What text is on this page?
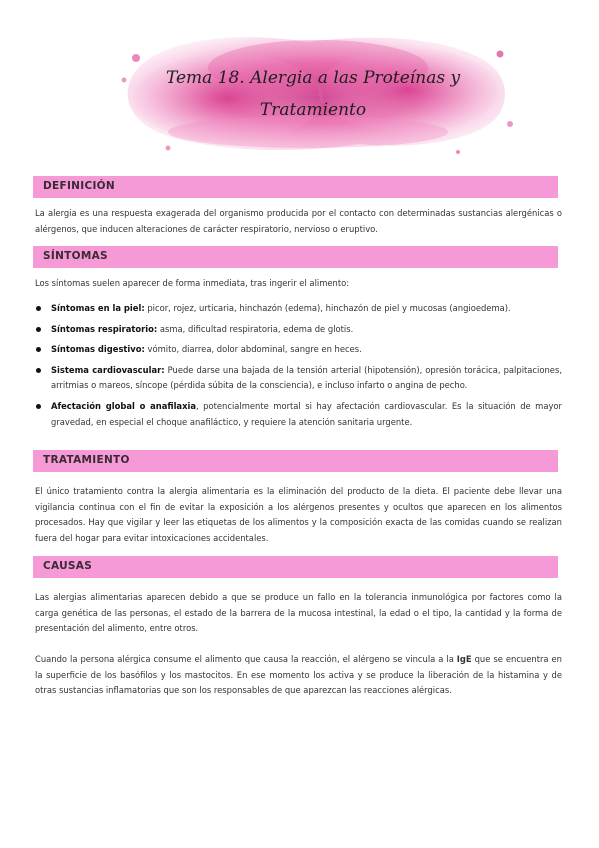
Tema 18. Alergia a las Proteínas y
Tratamiento
DEFINICIÓN

La alergia es una respuesta exagerada del organismo producida por el contacto con determinadas sustancias alergénicas o alérgenos, que inducen alteraciones de carácter respiratorio, nervioso o eruptivo.

SÍNTOMAS

Los síntomas suelen aparecer de forma inmediata, tras ingerir el alimento:

Síntomas en la piel: picor, rojez, urticaria, hinchazón (edema), hinchazón de piel y mucosas (angioedema).
Síntomas respiratorio: asma, dificultad respiratoria, edema de glotis.
Síntomas digestivo: vómito, diarrea, dolor abdominal, sangre en heces.
Sistema cardiovascular: Puede darse una bajada de la tensión arterial (hipotensión), opresión torácica, palpitaciones, arritmias o mareos, síncope (pérdida súbita de la consciencia), e incluso infarto o angina de pecho.
Afectación global o anafilaxia, potencialmente mortal si hay afectación cardiovascular. Es la situación de mayor gravedad, en especial el choque anafiláctico, y requiere la atención sanitaria urgente.
TRATAMIENTO

El único tratamiento contra la alergia alimentaria es la eliminación del producto de la dieta. El paciente debe llevar una vigilancia continua con el fin de evitar la exposición a los alérgenos presentes y ocultos que aparecen en los alimentos procesados. Hay que vigilar y leer las etiquetas de los alimentos y la composición exacta de las comidas cuando se realizan fuera del hogar para evitar intoxicaciones accidentales.

CAUSAS

Las alergias alimentarias aparecen debido a que se produce un fallo en la tolerancia inmunológica por factores como la carga genética de las personas, el estado de la barrera de la mucosa intestinal, la edad o el tipo, la cantidad y la forma de presentación del alimento, entre otros.

Cuando la persona alérgica consume el alimento que causa la reacción, el alérgeno se vincula a la IgE que se encuentra en la superficie de los basófilos y los mastocitos. En ese momento los activa y se produce la liberación de la histamina y de otras sustancias inflamatorias que son los responsables de que aparezcan las reacciones alérgicas.
